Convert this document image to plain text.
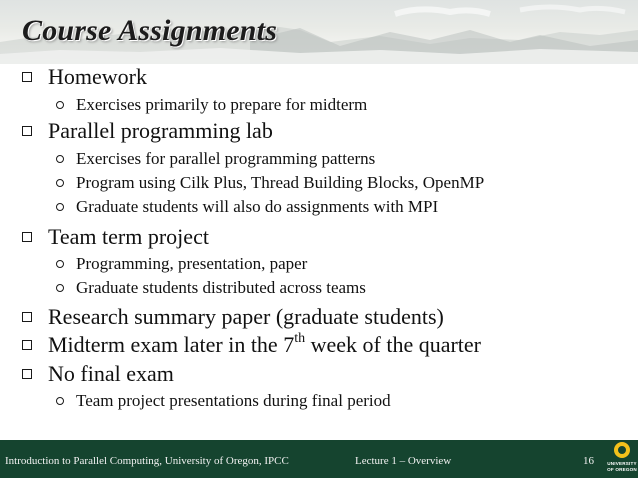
Course Assignments
Homework
Exercises primarily to prepare for midterm
Parallel programming lab
Exercises for parallel programming patterns
Program using Cilk Plus, Thread Building Blocks, OpenMP
Graduate students will also do assignments with MPI
Team term project
Programming, presentation, paper
Graduate students distributed across teams
Research summary paper (graduate students)
Midterm exam later in the 7th week of the quarter
No final exam
Team project presentations during final period
Introduction to Parallel Computing, University of Oregon, IPCC	Lecture 1 – Overview	16	UNIVERSITY
OF OREGON
